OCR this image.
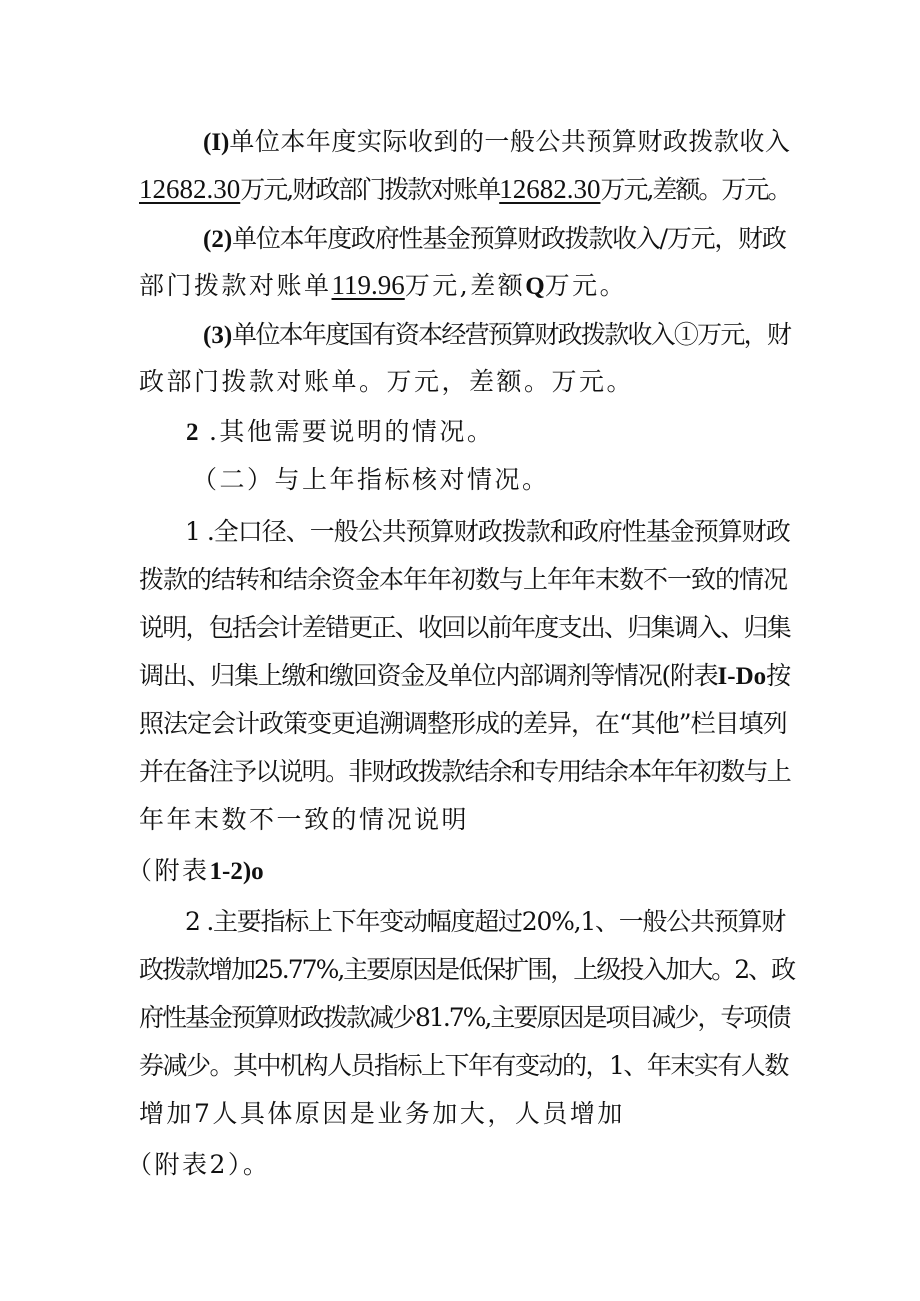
(I)单位本年度实际收到的一般公共预算财政拨款收入
12682.30万元,财政部门拨款对账单12682.30万元,差额。万元。
(2)单位本年度政府性基金预算财政拨款收入/万元，财政
部门拨款对账单119.96万元,差额Q万元。
(3)单位本年度国有资本经营预算财政拨款收入①万元，财
政部门拨款对账单。万元，差额。万元。
2 .其他需要说明的情况。
（二）与上年指标核对情况。
1 .全口径、一般公共预算财政拨款和政府性基金预算财政
拨款的结转和结余资金本年年初数与上年年末数不一致的情况
说明，包括会计差错更正、收回以前年度支出、归集调入、归集
调出、归集上缴和缴回资金及单位内部调剂等情况(附表I-Do按
照法定会计政策变更追溯调整形成的差异，在“其他”栏目填列
并在备注予以说明。非财政拨款结余和专用结余本年年初数与上
年年末数不一致的情况说明
（附表1-2)o
2 .主要指标上下年变动幅度超过20%,1、一般公共预算财
政拨款增加25.77%,主要原因是低保扩围，上级投入加大。2、政
府性基金预算财政拨款减少81.7%,主要原因是项目减少，专项债
券减少。其中机构人员指标上下年有变动的，1、年末实有人数
增加7人具体原因是业务加大，人员增加
（附表2）。
